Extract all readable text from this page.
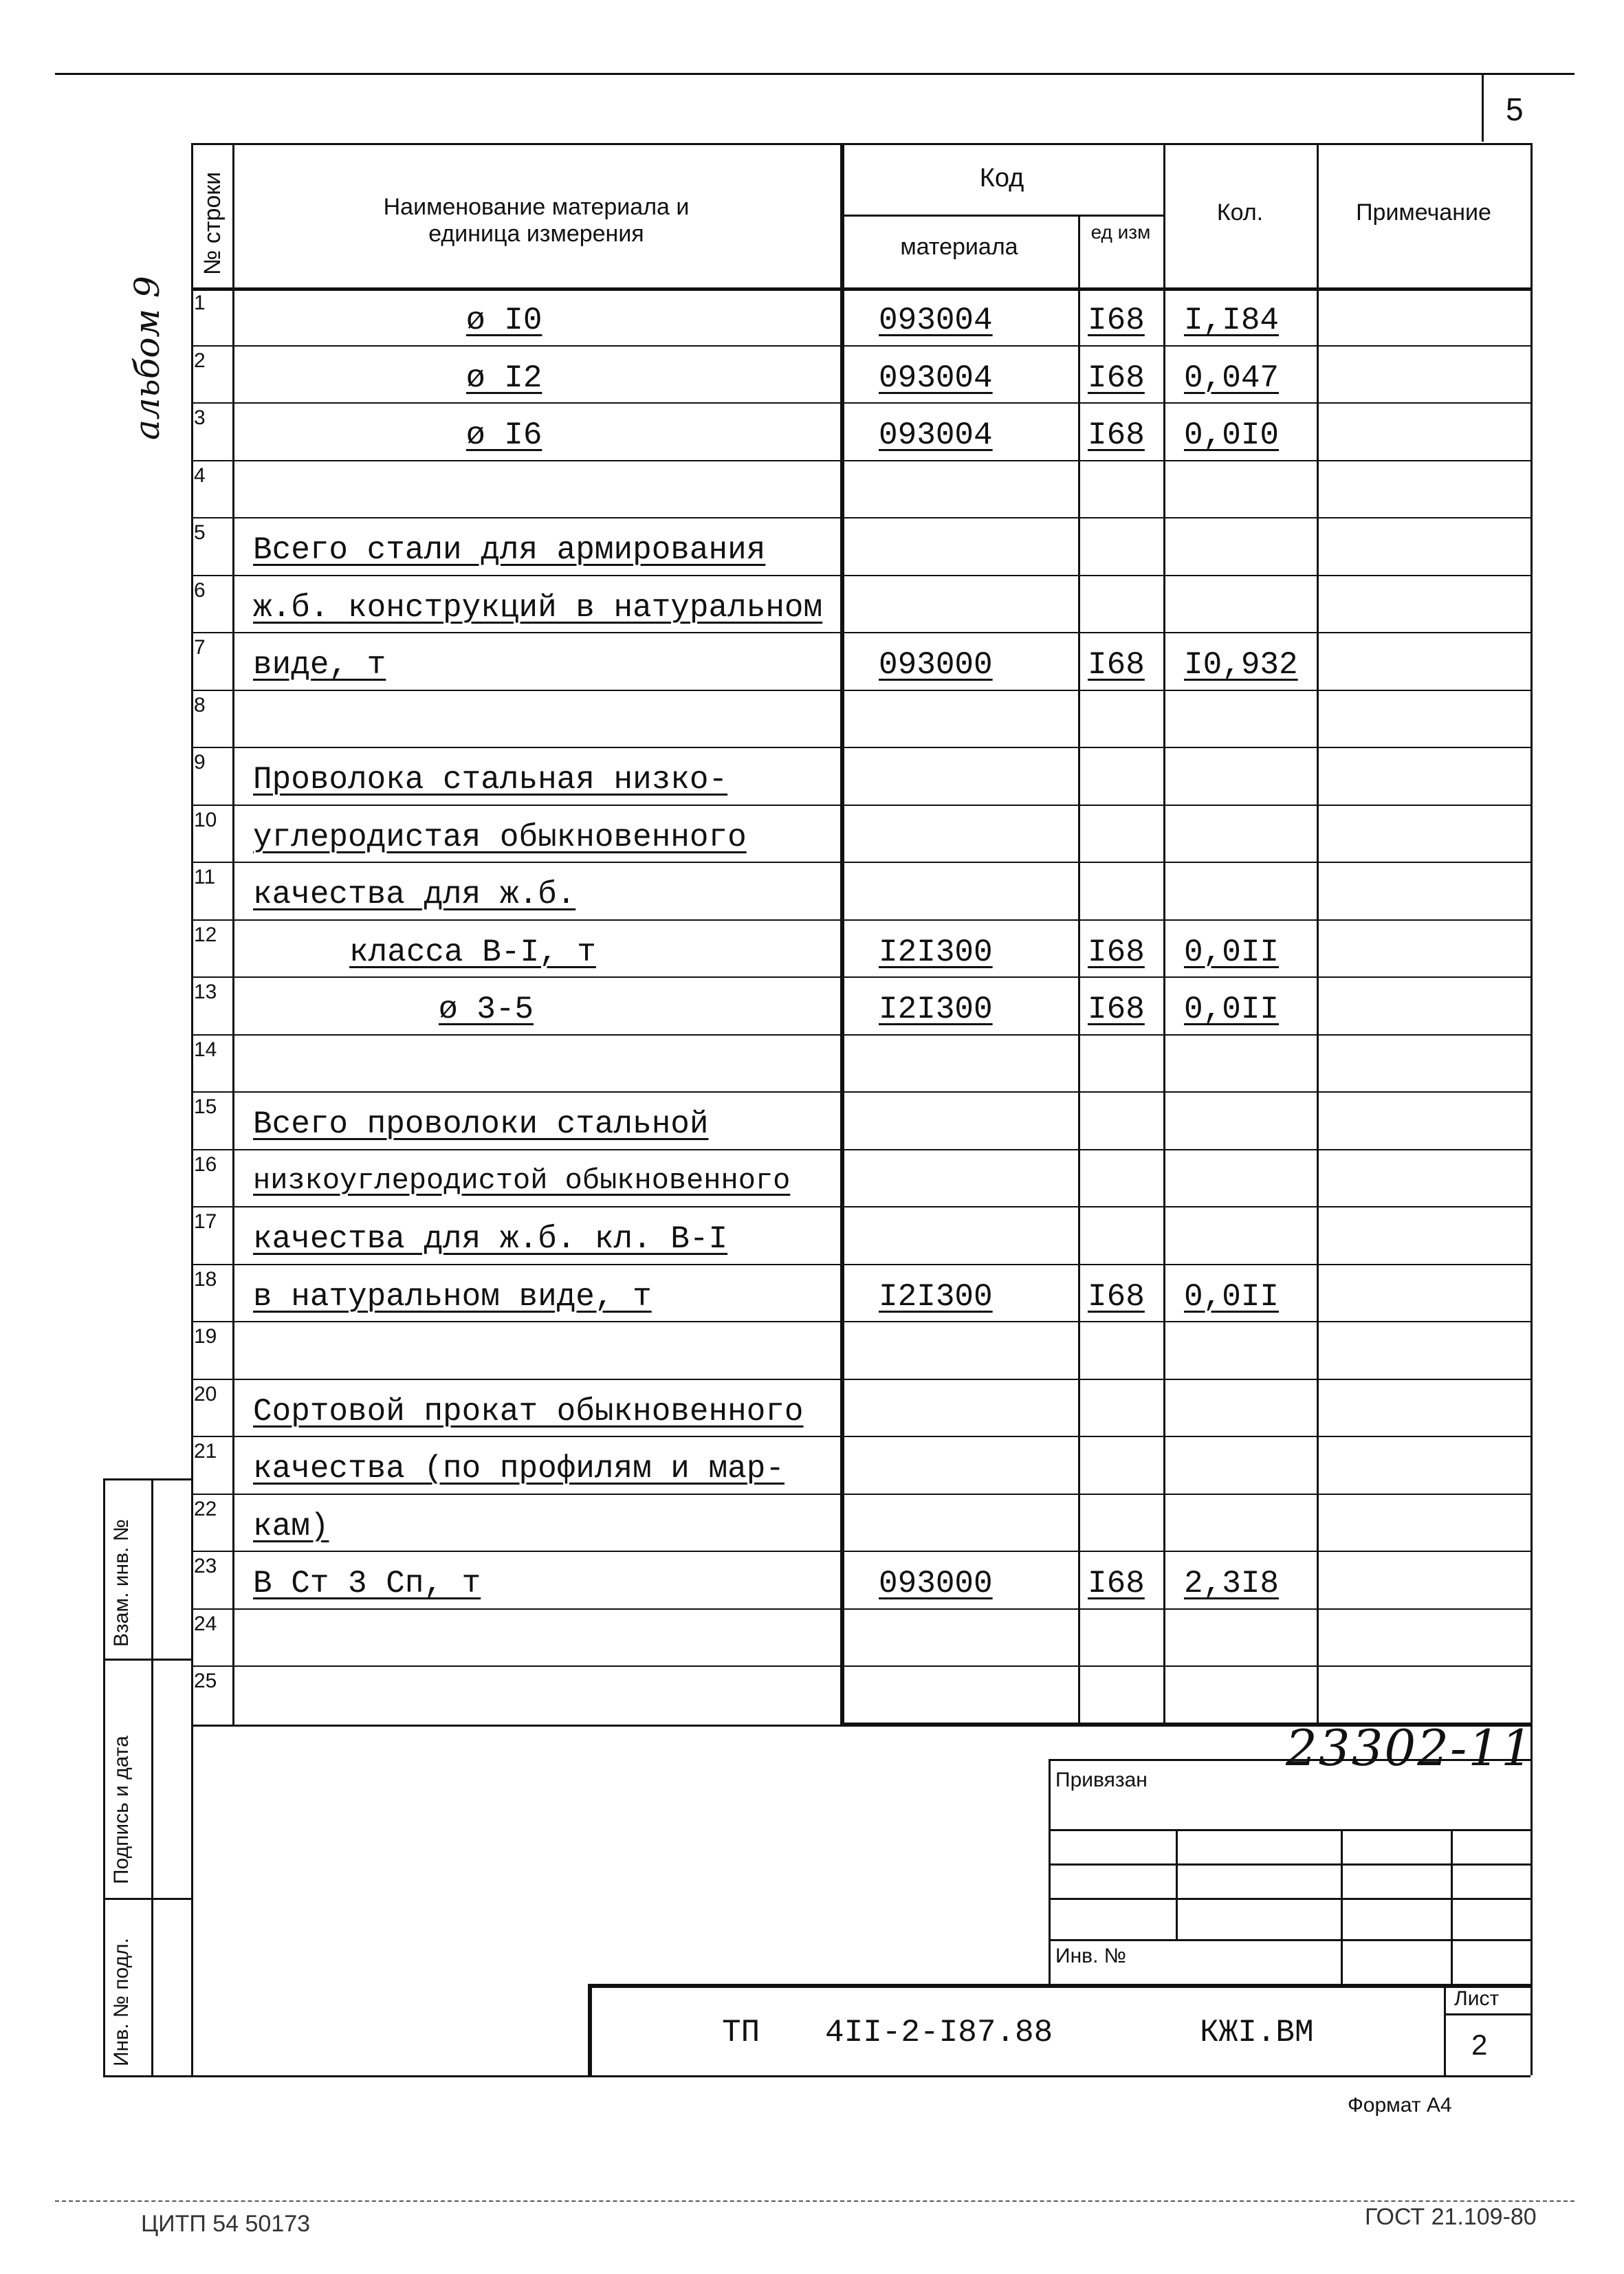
5
альбом 9
№ строки	Наименование материала и
единица измерения
Код
материала
ед изм
Кол.	Примечание
1	ø I0	093004	I68 I,I84
2	ø I2	093004	I68 0,047
3	ø I6	093004	I68 0,0I0
4
5	Всего стали для армирования
6	ж.б. конструкций в натуральном
7	виде, т	093000	I68 I0,932
8
9	Проволока стальная низко-
10 углеродистая обыкновенного
11 качества для ж.б.
12	класса В-I, т	I2I300	I68 0,0II
13	ø 3-5	I2I300	I68 0,0II
14
15 Всего проволоки стальной
16 низкоуглеродистой обыкновенного
17 качества для ж.б. кл. В-I
18 в натуральном виде, т	I2I300	I68 0,0II
19
20 Сортовой прокат обыкновенного
21 качества (по профилям и мар-
22 кам)
23 В Ст 3 Сп, т	093000	I68 2,3I8
24
25
Взам. инв. №
Подпись и дата
Инв. № подл.
23302-11
Привязан
Инв. №
ТП 4II-2-I87.88	КЖI.ВМ
Лист
2
Формат А4
ЦИТП 54 50173	ГОСТ 21.109-80
